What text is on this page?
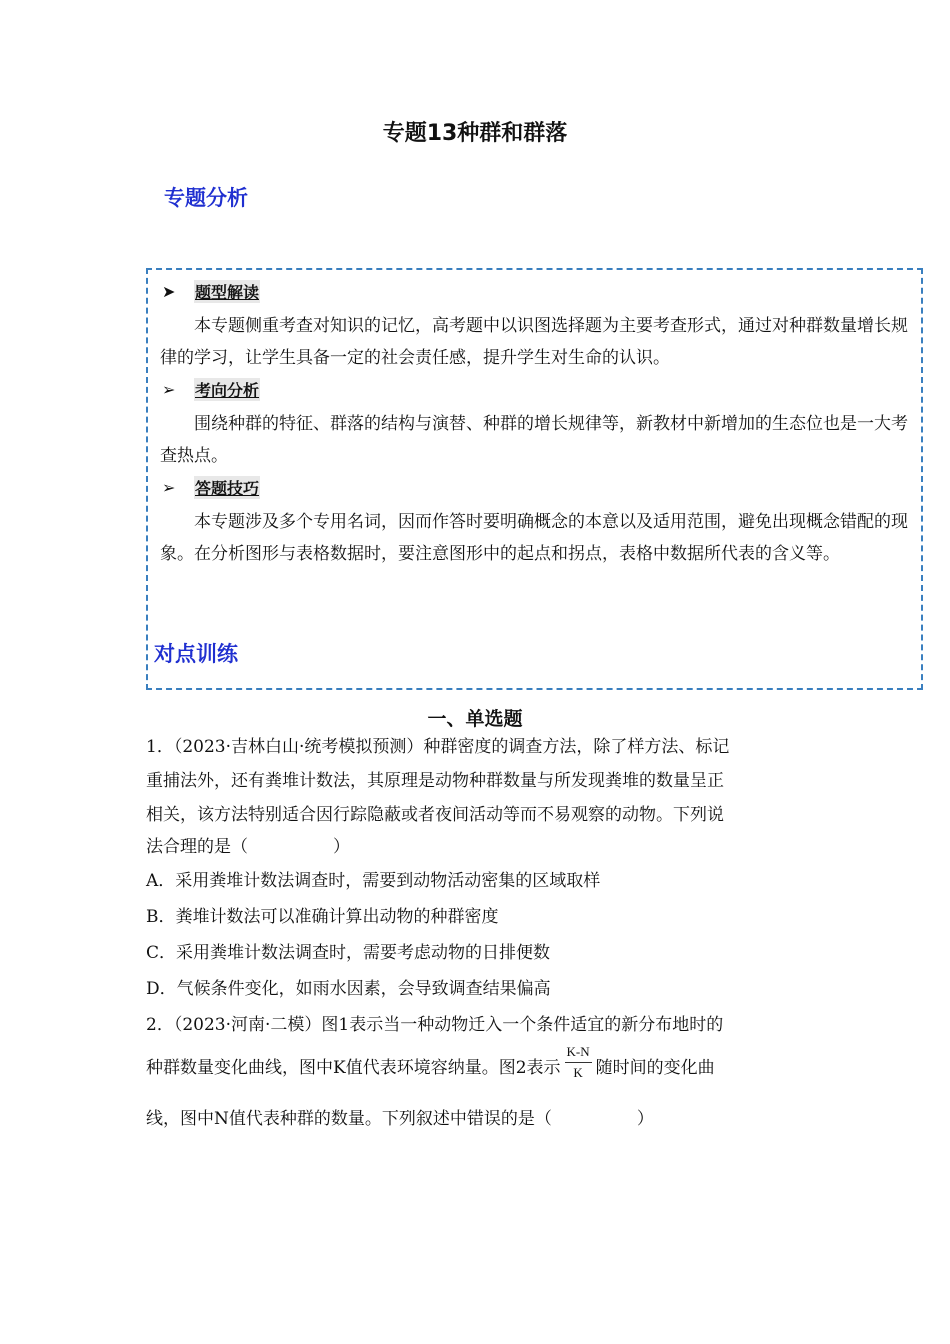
专题13种群和群落
专题分析
➤ 题型解读
本专题侧重考查对知识的记忆，高考题中以识图选择题为主要考查形式，通过对种群数量增长规律的学习，让学生具备一定的社会责任感，提升学生对生命的认识。
➢ 考向分析
围绕种群的特征、群落的结构与演替、种群的增长规律等，新教材中新增加的生态位也是一大考查热点。
➢ 答题技巧
本专题涉及多个专用名词，因而作答时要明确概念的本意以及适用范围，避免出现概念错配的现象。在分析图形与表格数据时，要注意图形中的起点和拐点，表格中数据所代表的含义等。
对点训练
一、单选题
1．（2023·吉林白山·统考模拟预测）种群密度的调查方法，除了样方法、标记
重捕法外，还有粪堆计数法，其原理是动物种群数量与所发现粪堆的数量呈正
相关，该方法特别适合因行踪隐蔽或者夜间活动等而不易观察的动物。下列说
法合理的是（　　　　　）
A．采用粪堆计数法调查时，需要到动物活动密集的区域取样
B．粪堆计数法可以准确计算出动物的种群密度
C．采用粪堆计数法调查时，需要考虑动物的日排便数
D．气候条件变化，如雨水因素，会导致调查结果偏高
2．（2023·河南·二模）图1表示当一种动物迁入一个条件适宜的新分布地时的
种群数量变化曲线，图中K值代表环境容纳量。图2表示 $\frac{K-N}{K}$ 随时间的变化曲
线，图中N值代表种群的数量。下列叙述中错误的是（　　　　　）
